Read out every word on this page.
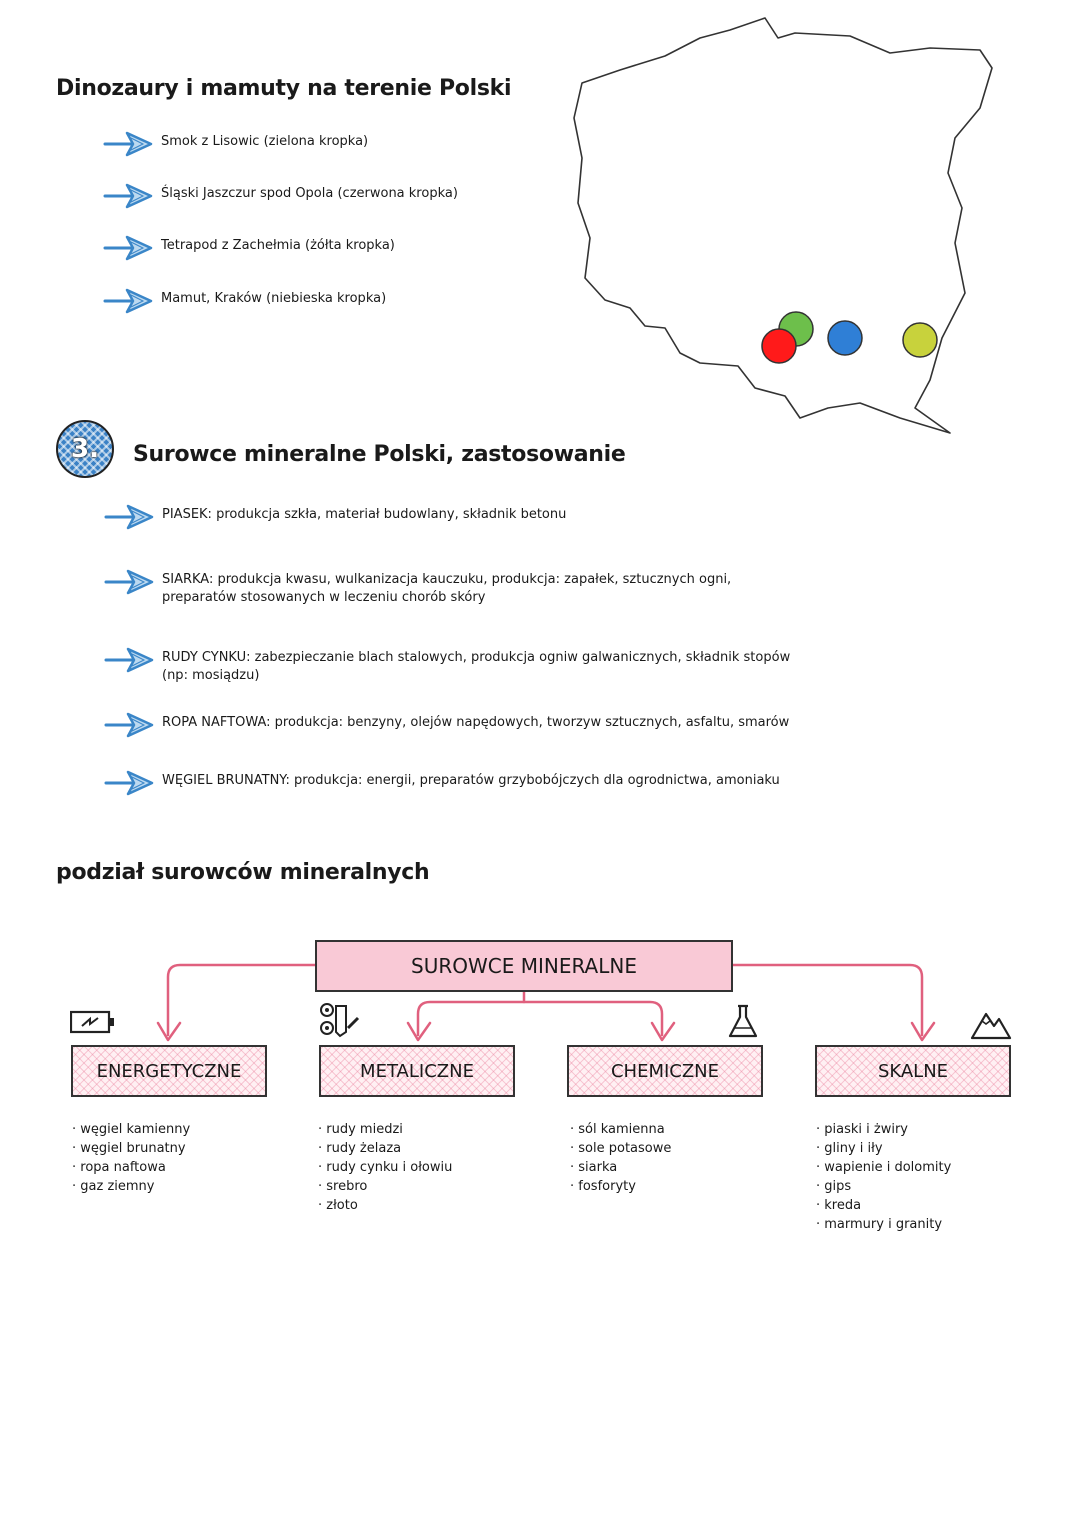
Dinozaury i mamuty na terenie Polski
Smok z Lisowic (zielona kropka)
Śląski Jaszczur spod Opola (czerwona kropka)
Tetrapod z Zachełmia (żółta kropka)
Mamut, Kraków (niebieska kropka)
3.	Surowce mineralne Polski, zastosowanie
PIASEK: produkcja szkła, materiał budowlany, składnik betonu
SIARKA: produkcja kwasu, wulkanizacja kauczuku, produkcja: zapałek, sztucznych ogni, preparatów stosowanych w leczeniu chorób skóry
RUDY CYNKU: zabezpieczanie blach stalowych, produkcja ogniw galwanicznych, składnik stopów (np: mosiądzu)
ROPA NAFTOWA: produkcja: benzyny, olejów napędowych, tworzyw sztucznych, asfaltu, smarów
WĘGIEL BRUNATNY: produkcja: energii, preparatów grzybobójczych dla ogrodnictwa, amoniaku
podział surowców mineralnych
SUROWCE MINERALNE
ENERGETYCZNE	METALICZNE	CHEMICZNE	SKALNE
· węgiel kamienny
· węgiel brunatny
· ropa naftowa
· gaz ziemny
· rudy miedzi
· rudy żelaza
· rudy cynku i ołowiu
· srebro
· złoto
· sól kamienna
· sole potasowe
· siarka
· fosforyty
· piaski i żwiry
· gliny i iły
· wapienie i dolomity
· gips
· kreda
· marmury i granity
